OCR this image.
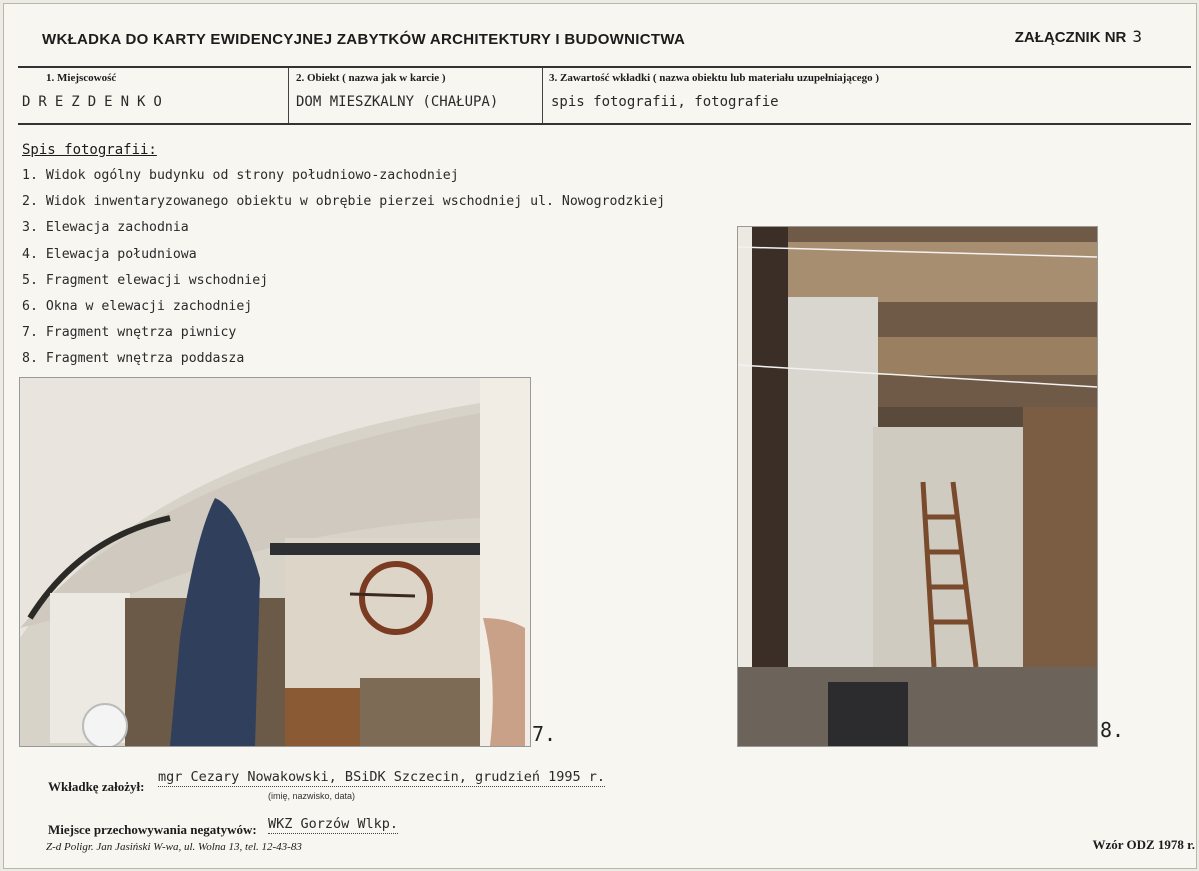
WKŁADKA DO KARTY EWIDENCYJNEJ ZABYTKÓW ARCHITEKTURY I BUDOWNICTWA	ZAŁĄCZNIK NR 3
1. Miejscowość
DREZDENKO
2. Obiekt ( nazwa jak w karcie )
DOM MIESZKALNY (CHAŁUPA)
3. Zawartość wkładki ( nazwa obiektu lub materiału uzupełniającego )
spis fotografii, fotografie
Spis fotografii:
1. Widok ogólny budynku od strony południowo-zachodniej
2. Widok inwentaryzowanego obiektu w obrębie pierzei wschodniej ul. Nowogrodzkiej
3. Elewacja zachodnia
4. Elewacja południowa
5. Fragment elewacji wschodniej
6. Okna w elewacji zachodniej
7. Fragment wnętrza piwnicy
8. Fragment wnętrza poddasza
7.	8.
Wkładkę założył:
mgr Cezary Nowakowski, BSiDK Szczecin, grudzień 1995 r.
(imię, nazwisko, data)
Miejsce przechowywania negatywów: WKZ Gorzów Wlkp.
Z-d Poligr. Jan Jasiński W-wa, ul. Wolna 13, tel. 12-43-83	Wzór ODZ 1978 r.
